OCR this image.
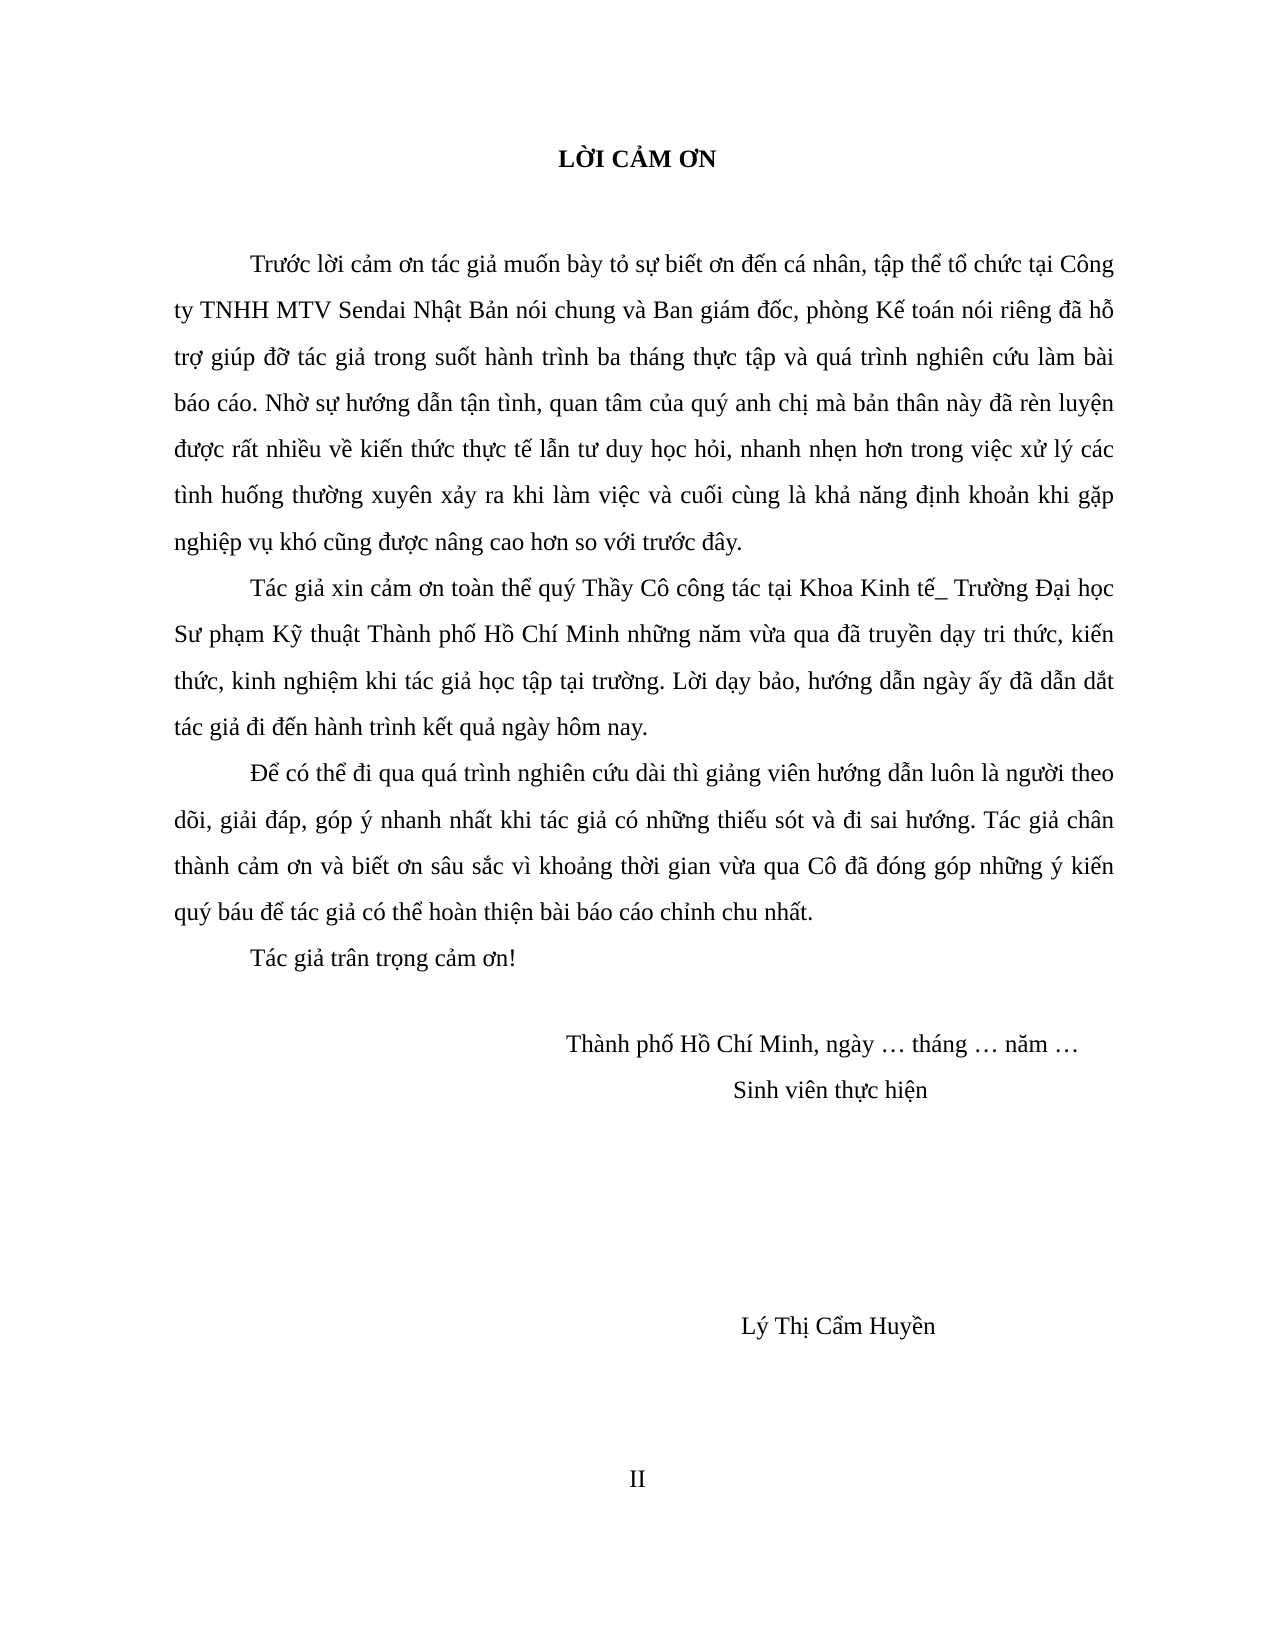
LỜI CẢM ƠN

Trước lời cảm ơn tác giả muốn bày tỏ sự biết ơn đến cá nhân, tập thể tổ chức tại Công ty TNHH MTV Sendai Nhật Bản nói chung và Ban giám đốc, phòng Kế toán nói riêng đã hỗ trợ giúp đỡ tác giả trong suốt hành trình ba tháng thực tập và quá trình nghiên cứu làm bài báo cáo. Nhờ sự hướng dẫn tận tình, quan tâm của quý anh chị mà bản thân này đã rèn luyện được rất nhiều về kiến thức thực tế lẫn tư duy học hỏi, nhanh nhẹn hơn trong việc xử lý các tình huống thường xuyên xảy ra khi làm việc và cuối cùng là khả năng định khoản khi gặp nghiệp vụ khó cũng được nâng cao hơn so với trước đây.

Tác giả xin cảm ơn toàn thể quý Thầy Cô công tác tại Khoa Kinh tế_ Trường Đại học Sư phạm Kỹ thuật Thành phố Hồ Chí Minh những năm vừa qua đã truyền dạy tri thức, kiến thức, kinh nghiệm khi tác giả học tập tại trường. Lời dạy bảo, hướng dẫn ngày ấy đã dẫn dắt tác giả đi đến hành trình kết quả ngày hôm nay.

Để có thể đi qua quá trình nghiên cứu dài thì giảng viên hướng dẫn luôn là người theo dõi, giải đáp, góp ý nhanh nhất khi tác giả có những thiếu sót và đi sai hướng. Tác giả chân thành cảm ơn và biết ơn sâu sắc vì khoảng thời gian vừa qua Cô đã đóng góp những ý kiến quý báu để tác giả có thể hoàn thiện bài báo cáo chỉnh chu nhất.

Tác giả trân trọng cảm ơn!

Thành phố Hồ Chí Minh, ngày … tháng … năm …
Sinh viên thực hiện
Lý Thị Cẩm Huyền
II
